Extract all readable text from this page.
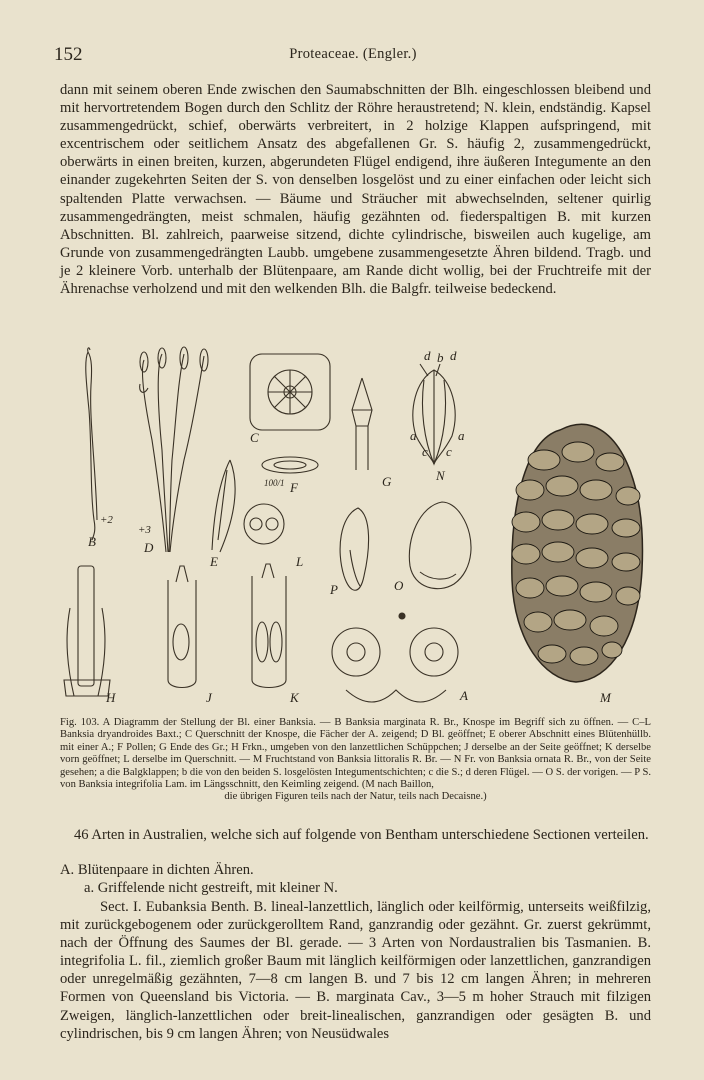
152	Proteaceae. (Engler.)
dann mit seinem oberen Ende zwischen den Saumabschnitten der Blh. eingeschlossen bleibend und mit hervortretendem Bogen durch den Schlitz der Röhre heraustretend; N. klein, endständig. Kapsel zusammengedrückt, schief, oberwärts verbreitert, in 2 holzige Klappen aufspringend, mit excentrischem oder seitlichem Ansatz des abgefallenen Gr. S. häufig 2, zusammengedrückt, oberwärts in einen breiten, kurzen, abgerundeten Flügel endigend, ihre äußeren Integumente an den einander zugekehrten Seiten der S. von denselben losgelöst und zu einer einfachen oder leicht sich spaltenden Platte verwachsen. — Bäume und Sträucher mit abwechselnden, seltener quirlig zusammengedrängten, meist schmalen, häufig gezähnten od. fiederspaltigen B. mit kurzen Abschnitten. Bl. zahlreich, paarweise sitzend, dichte cylindrische, bisweilen auch kugelige, am Grunde von zusammengedrängten Laubb. umgebene zusammengesetzte Ähren bildend. Tragb. und je 2 kleinere Vorb. unterhalb der Blütenpaare, am Rande dicht wollig, bei der Fruchtreife mit der Ährenachse verholzend und mit den welkenden Blh. die Balgfr. teilweise bedeckend.
B
+2
D
+3
E
C
F
100/1	G	N
d b d
a	a
c c
L
P	O
H	J	K	A	M
Fig. 103. A Diagramm der Stellung der Bl. einer Banksia. — B Banksia marginata R. Br., Knospe im Begriff sich zu öffnen. — C–L Banksia dryandroides Baxt.; C Querschnitt der Knospe, die Fächer der A. zeigend; D Bl. geöffnet; E oberer Abschnitt eines Blütenhüllb. mit einer A.; F Pollen; G Ende des Gr.; H Frkn., umgeben von den lanzettlichen Schüppchen; J derselbe an der Seite geöffnet; K derselbe vorn geöffnet; L derselbe im Querschnitt. — M Fruchtstand von Banksia littoralis R. Br. — N Fr. von Banksia ornata R. Br., von der Seite gesehen; a die Balgklappen; b die von den beiden S. losgelösten Integumentschichten; c die S.; d deren Flügel. — O S. der vorigen. — P S. von Banksia integrifolia Lam. im Längsschnitt, den Keimling zeigend. (M nach Baillon,
die übrigen Figuren teils nach der Natur, teils nach Decaisne.)
46 Arten in Australien, welche sich auf folgende von Bentham unterschiedene Sectionen verteilen.
A. Blütenpaare in dichten Ähren.
a. Griffelende nicht gestreift, mit kleiner N.
Sect. I. Eubanksia Benth. B. lineal-lanzettlich, länglich oder keilförmig, unterseits weißfilzig, mit zurückgebogenem oder zurückgerolltem Rand, ganzrandig oder gezähnt. Gr. zuerst gekrümmt, nach der Öffnung des Saumes der Bl. gerade. — 3 Arten von Nordaustralien bis Tasmanien. B. integrifolia L. fil., ziemlich großer Baum mit länglich keilförmigen oder lanzettlichen, ganzrandigen oder unregelmäßig gezähnten, 7—8 cm langen B. und 7 bis 12 cm langen Ähren; in mehreren Formen von Queensland bis Victoria. — B. marginata Cav., 3—5 m hoher Strauch mit filzigen Zweigen, länglich-lanzettlichen oder breit-linealischen, ganzrandigen oder gesägten B. und cylindrischen, bis 9 cm langen Ähren; von Neusüdwales
